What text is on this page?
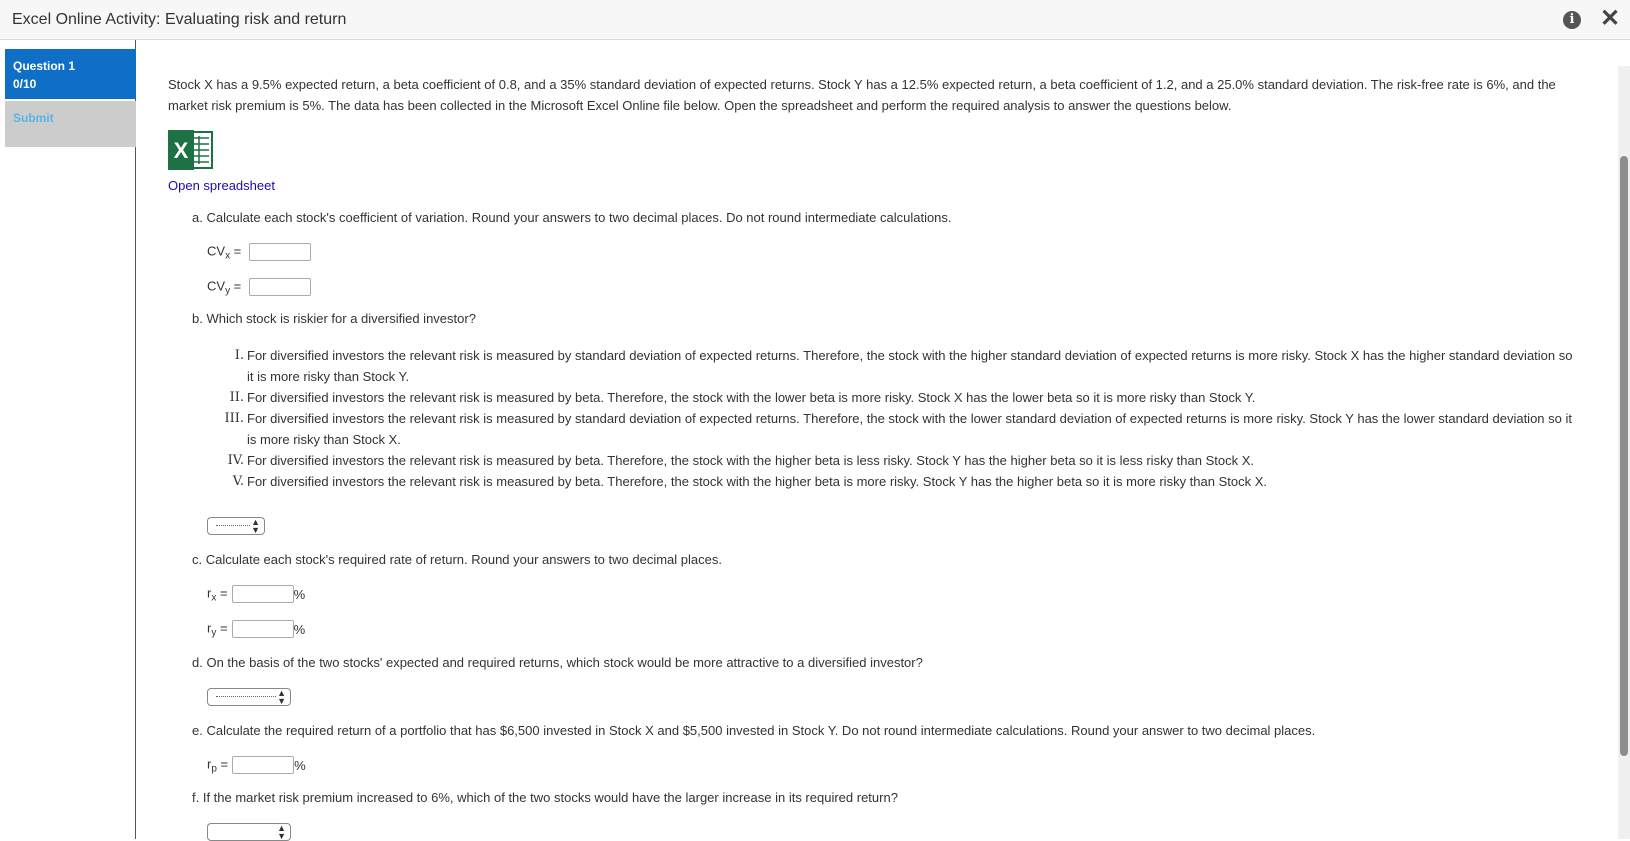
Excel Online Activity: Evaluating risk and return	i ✕
Question 1
0/10
Submit
Stock X has a 9.5% expected return, a beta coefficient of 0.8, and a 35% standard deviation of expected returns. Stock Y has a 12.5% expected return, a beta coefficient of 1.2, and a 25.0% standard deviation. The risk-free rate is 6%, and the market risk premium is 5%. The data has been collected in the Microsoft Excel Online file below. Open the spreadsheet and perform the required analysis to answer the questions below.
X
Open spreadsheet
a. Calculate each stock's coefficient of variation. Round your answers to two decimal places. Do not round intermediate calculations.
$CV_x$ =
$CV_y$ =
b. Which stock is riskier for a diversified investor?
I. For diversified investors the relevant risk is measured by standard deviation of expected returns. Therefore, the stock with the higher standard deviation of expected returns is more risky. Stock X has the higher standard deviation so it is more risky than Stock Y.
II. For diversified investors the relevant risk is measured by beta. Therefore, the stock with the lower beta is more risky. Stock X has the lower beta so it is more risky than Stock Y.
III. For diversified investors the relevant risk is measured by standard deviation of expected returns. Therefore, the stock with the lower standard deviation of expected returns is more risky. Stock Y has the lower standard deviation so it is more risky than Stock X.
IV. For diversified investors the relevant risk is measured by beta. Therefore, the stock with the higher beta is less risky. Stock Y has the higher beta so it is less risky than Stock X.
V. For diversified investors the relevant risk is measured by beta. Therefore, the stock with the higher beta is more risky. Stock Y has the higher beta so it is more risky than Stock X.
▲
▼
c. Calculate each stock's required rate of return. Round your answers to two decimal places.
$r_x$ =	%
$r_y$ =	%
d. On the basis of the two stocks' expected and required returns, which stock would be more attractive to a diversified investor?
▲
▼
e. Calculate the required return of a portfolio that has $6,500 invested in Stock X and $5,500 invested in Stock Y. Do not round intermediate calculations. Round your answer to two decimal places.
$r_p$ =	%
f. If the market risk premium increased to 6%, which of the two stocks would have the larger increase in its required return?
▲
▼
